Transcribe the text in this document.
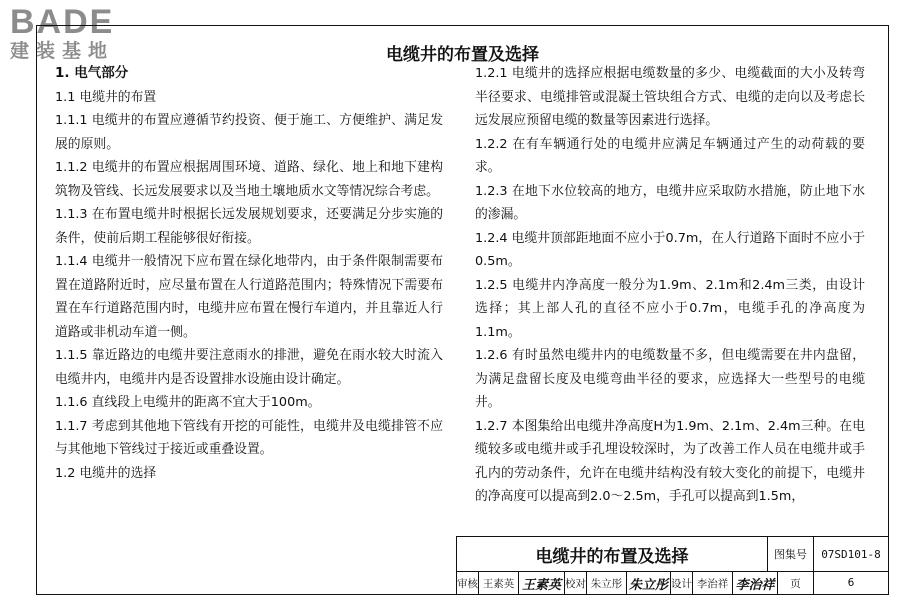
BADE
建装基地	电缆井的布置及选择

1. 电气部分

1.1 电缆井的布置

1.1.1 电缆井的布置应遵循节约投资、便于施工、方便维护、满足发展的原则。

1.1.2 电缆井的布置应根据周围环境、道路、绿化、地上和地下建构筑物及管线、长远发展要求以及当地土壤地质水文等情况综合考虑。

1.1.3 在布置电缆井时根据长远发展规划要求，还要满足分步实施的条件，使前后期工程能够很好衔接。

1.1.4 电缆井一般情况下应布置在绿化地带内，由于条件限制需要布置在道路附近时，应尽量布置在人行道路范围内；特殊情况下需要布置在车行道路范围内时，电缆井应布置在慢行车道内，并且靠近人行道路或非机动车道一侧。

1.1.5 靠近路边的电缆井要注意雨水的排泄，避免在雨水较大时流入电缆井内，电缆井内是否设置排水设施由设计确定。

1.1.6 直线段上电缆井的距离不宜大于100m。

1.1.7 考虑到其他地下管线有开挖的可能性，电缆井及电缆排管不应与其他地下管线过于接近或重叠设置。

1.2 电缆井的选择

1.2.1 电缆井的选择应根据电缆数量的多少、电缆截面的大小及转弯半径要求、电缆排管或混凝土管块组合方式、电缆的走向以及考虑长远发展应预留电缆的数量等因素进行选择。

1.2.2 在有车辆通行处的电缆井应满足车辆通过产生的动荷载的要求。

1.2.3 在地下水位较高的地方，电缆井应采取防水措施，防止地下水的渗漏。

1.2.4 电缆井顶部距地面不应小于0.7m，在人行道路下面时不应小于0.5m。

1.2.5 电缆井内净高度一般分为1.9m、2.1m和2.4m三类，由设计选择；其上部人孔的直径不应小于0.7m，电缆手孔的净高度为1.1m。

1.2.6 有时虽然电缆井内的电缆数量不多，但电缆需要在井内盘留，为满足盘留长度及电缆弯曲半径的要求，应选择大一些型号的电缆井。

1.2.7 本图集给出电缆井净高度H为1.9m、2.1m、2.4m三种。在电缆较多或电缆井或手孔埋设较深时，为了改善工作人员在电缆井或手孔内的劳动条件，允许在电缆井结构没有较大变化的前提下，电缆井的净高度可以提高到2.0～2.5m，手孔可以提高到1.5m，

电缆井的布置及选择	图集号	07SD101-8
审核 王素英 王素英 校对 朱立彤 朱立彤 设计 李治祥 李治祥	页	6
